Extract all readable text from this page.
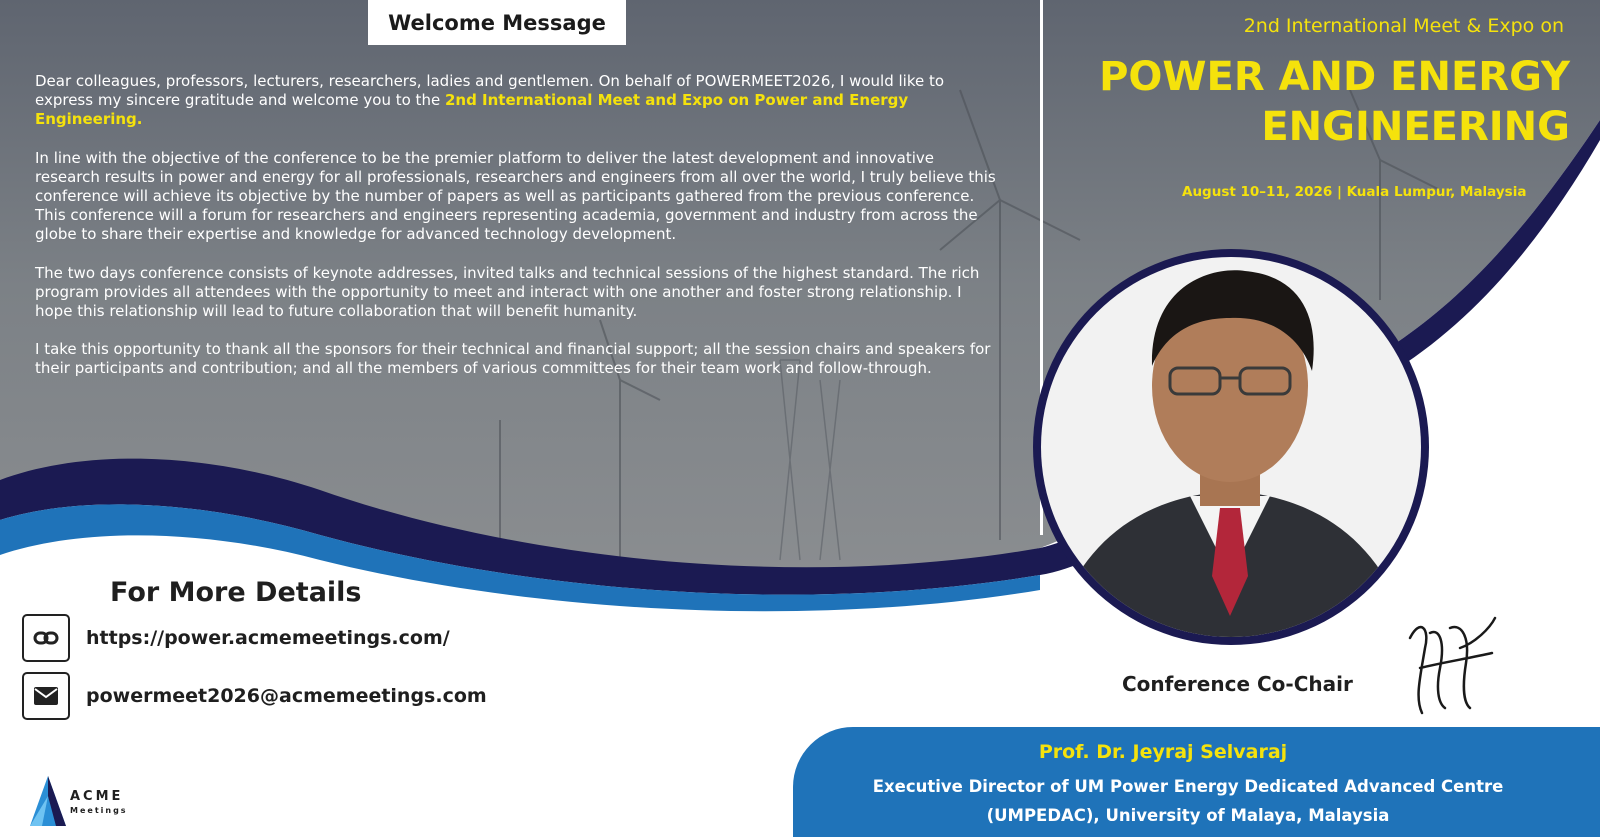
Welcome Message

Dear colleagues, professors, lecturers, researchers, ladies and gentlemen. On behalf of POWERMEET2026, I would like to express my sincere gratitude and welcome you to the 2nd International Meet and Expo on Power and Energy Engineering.

In line with the objective of the conference to be the premier platform to deliver the latest development and innovative research results in power and energy for all professionals, researchers and engineers from all over the world, I truly believe this conference will achieve its objective by the number of papers as well as participants gathered from the previous conference. This conference will a forum for researchers and engineers representing academia, government and industry from across the globe to share their expertise and knowledge for advanced technology development.

The two days conference consists of keynote addresses, invited talks and technical sessions of the highest standard. The rich program provides all attendees with the opportunity to meet and interact with one another and foster strong relationship. I hope this relationship will lead to future collaboration that will benefit humanity.

I take this opportunity to thank all the sponsors for their technical and financial support; all the session chairs and speakers for their participants and contribution; and all the members of various committees for their team work and follow-through.

2nd International Meet & Expo on
POWER AND ENERGY ENGINEERING
August 10–11, 2026 | Kuala Lumpur, Malaysia
For More Details
https://power.acmemeetings.com/
powermeet2026@acmemeetings.com	Conference Co-Chair
Prof. Dr. Jeyraj Selvaraj
Executive Director of UM Power Energy Dedicated Advanced Centre (UMPEDAC), University of Malaya, Malaysia
ACME
Meetings
